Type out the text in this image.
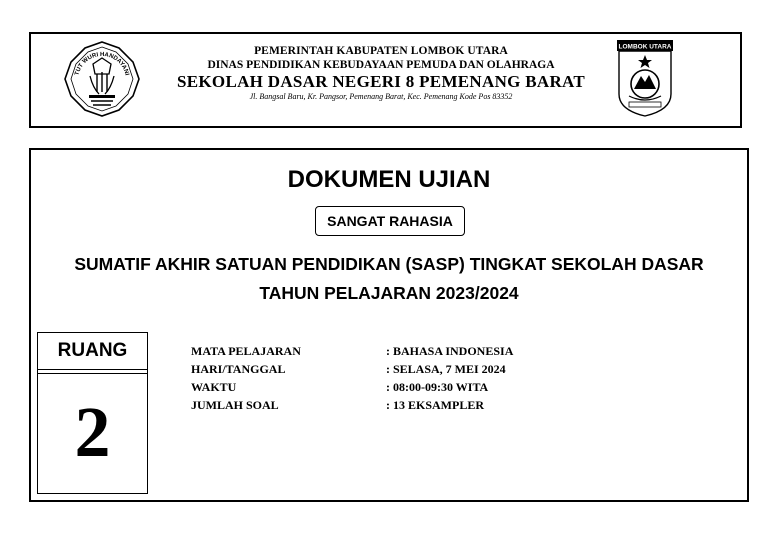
TUT WURI HANDAYANI
PEMERINTAH KABUPATEN LOMBOK UTARA
DINAS PENDIDIKAN KEBUDAYAAN PEMUDA DAN OLAHRAGA
SEKOLAH DASAR NEGERI 8 PEMENANG BARAT
Jl. Bangsal Baru, Kr. Pangsor, Pemenang Barat, Kec. Pemenang Kode Pos 83352
LOMBOK UTARA
DOKUMEN UJIAN
SANGAT RAHASIA
SUMATIF AKHIR SATUAN PENDIDIKAN (SASP) TINGKAT SEKOLAH DASAR
TAHUN PELAJARAN 2023/2024
RUANG
2
MATA PELAJARAN	: BAHASA INDONESIA
HARI/TANGGAL	: SELASA, 7 MEI 2024
WAKTU	: 08:00-09:30 WITA
JUMLAH SOAL	: 13 EKSAMPLER
